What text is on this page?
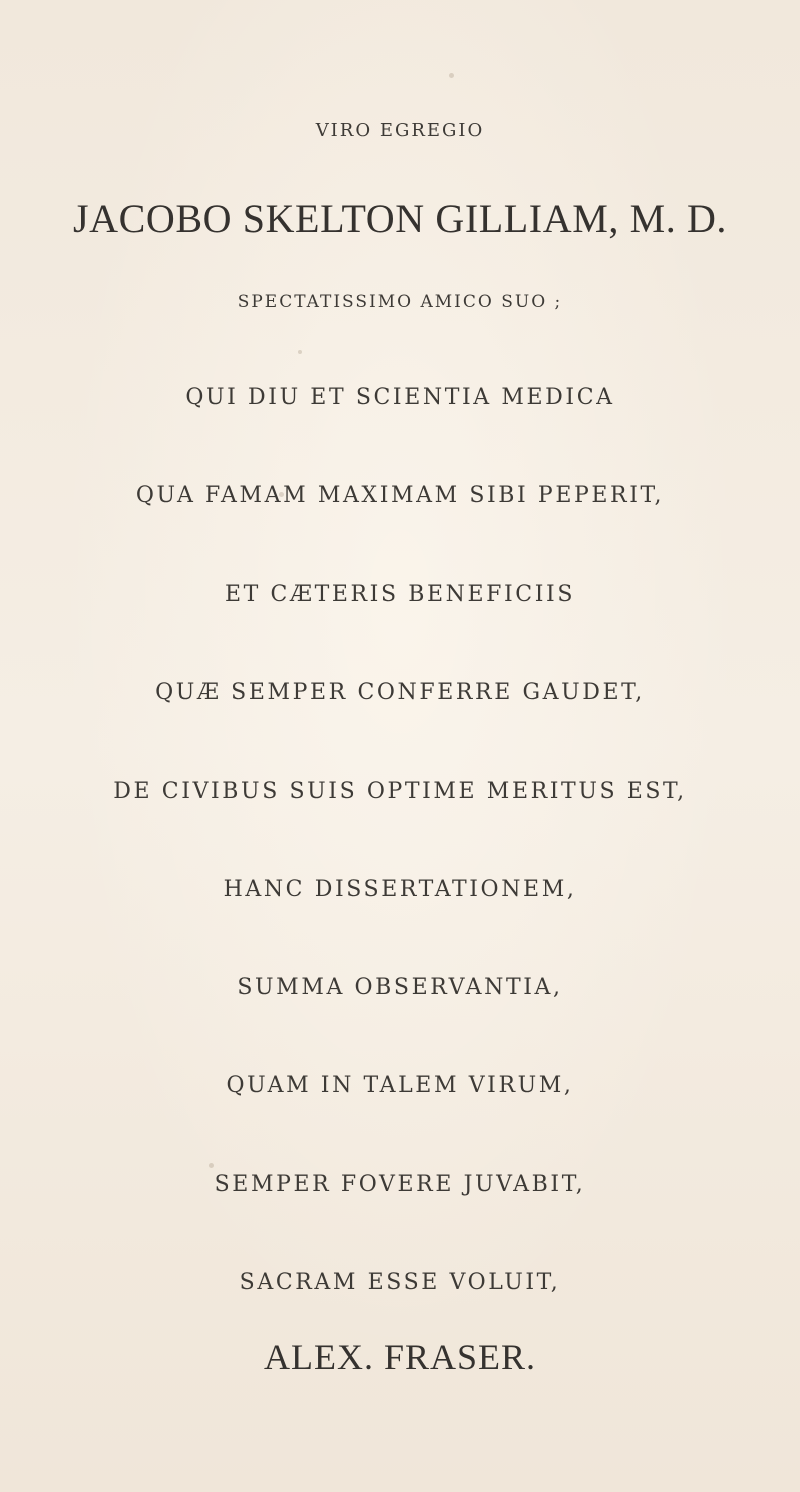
VIRO EGREGIO
JACOBO SKELTON GILLIAM, M. D.
SPECTATISSIMO AMICO SUO ;
QUI DIU ET SCIENTIA MEDICA
QUA FAMAM MAXIMAM SIBI PEPERIT,
ET CÆTERIS BENEFICIIS
QUÆ SEMPER CONFERRE GAUDET,
DE CIVIBUS SUIS OPTIME MERITUS EST,
HANC DISSERTATIONEM,
SUMMA OBSERVANTIA,
QUAM IN TALEM VIRUM,
SEMPER FOVERE JUVABIT,
SACRAM ESSE VOLUIT,
ALEX. FRASER.
